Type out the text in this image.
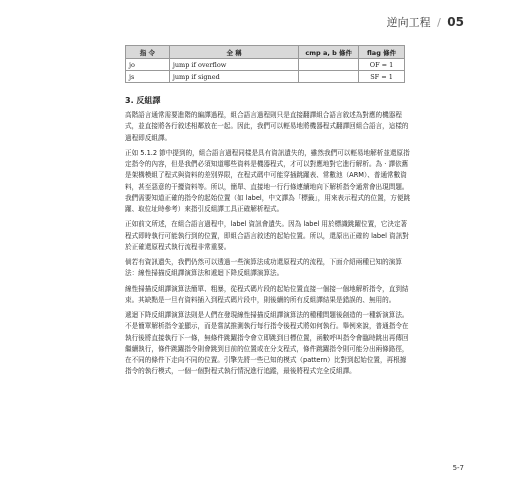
逆向工程 / 05
指 令	全 稱	cmp a, b 條件	flag 條件
jo	jump if overflow		OF = 1
js	jump if signed		SF = 1
3. 反組譯

高階語言通常需要進階的編譯過程，組合語言過程則只是直接翻譯組合語言敘述為對應的機器程式，並直接將各行敘述相鄰放在一起。因此，我們可以輕易地將機器程式翻譯回組合語言，這樣的過程即反組譯。

正如 5.1.2 節中提到的，組合語言過程同樣是具有資訊遺失的，雖然我們可以輕易地解析並還原指定指令的內容，但是我們必須知道哪些資料是機器程式，才可以對應地對它進行解析。為 · 譯依舊是架構模組了程式與資料的差別界限，在程式碼中可能穿插跳躍表、常數池（ARM）、普通常數資料，甚至惡意的干擾資料等。所以，簡單、直接地一行行條連續地向下解析指令通常會出現問題。我們需要知道正確的指令的起始位置（如 label，中文譯為「標籤」，用來表示程式的位置，方便跳躍、取位址時參考）來指引反組譯工具正確解析程式。

正如前文所述，在組合語言過程中，label 資訊會遺失。因為 label 用於標識跳躍位置，它決定著程式即時執行可能執行到的位置，即組合語言敘述的起始位置。所以，還原出正確的 label 資訊對於正確還原程式執行流程非常重要。

倘若有資訊遺失，我們仍然可以透過一些演算法成功還原程式的流程，下面介紹兩種已知的演算法：線性掃描反組譯演算法和遞迴下降反組譯演算法。

線性掃描反組譯演算法簡單、粗暴，從程式碼片段的起始位置直接一個接一個地解析指令，直到結束。其缺點是一旦有資料插入到程式碼片段中，則後續的所有反組譯結果是錯誤的、無用的。

遞迴下降反組譯演算法則是人們在發現線性掃描反組譯演算法的種種問題後創造的一種新演算法。不是簡單解析指令並顯示，而是嘗試推測執行每行指令後程式將如何執行。舉例來說，普通指令在執行後將直接執行下一條，無條件跳躍指令會立即跳到目標位置，函數呼叫指令會臨時跳出再傳回繼續執行，條件跳躍指令則會跳到目前的位置或在分支程式，條件跳躍指令則可能分出兩條路徑，在不同的條件下走向不同的位置。引擎先將一些已知的模式（pattern）比對到起始位置，再根據指令的執行模式，一個一個對程式執行情況進行追蹤，最後將程式完全反組譯。

5-7
